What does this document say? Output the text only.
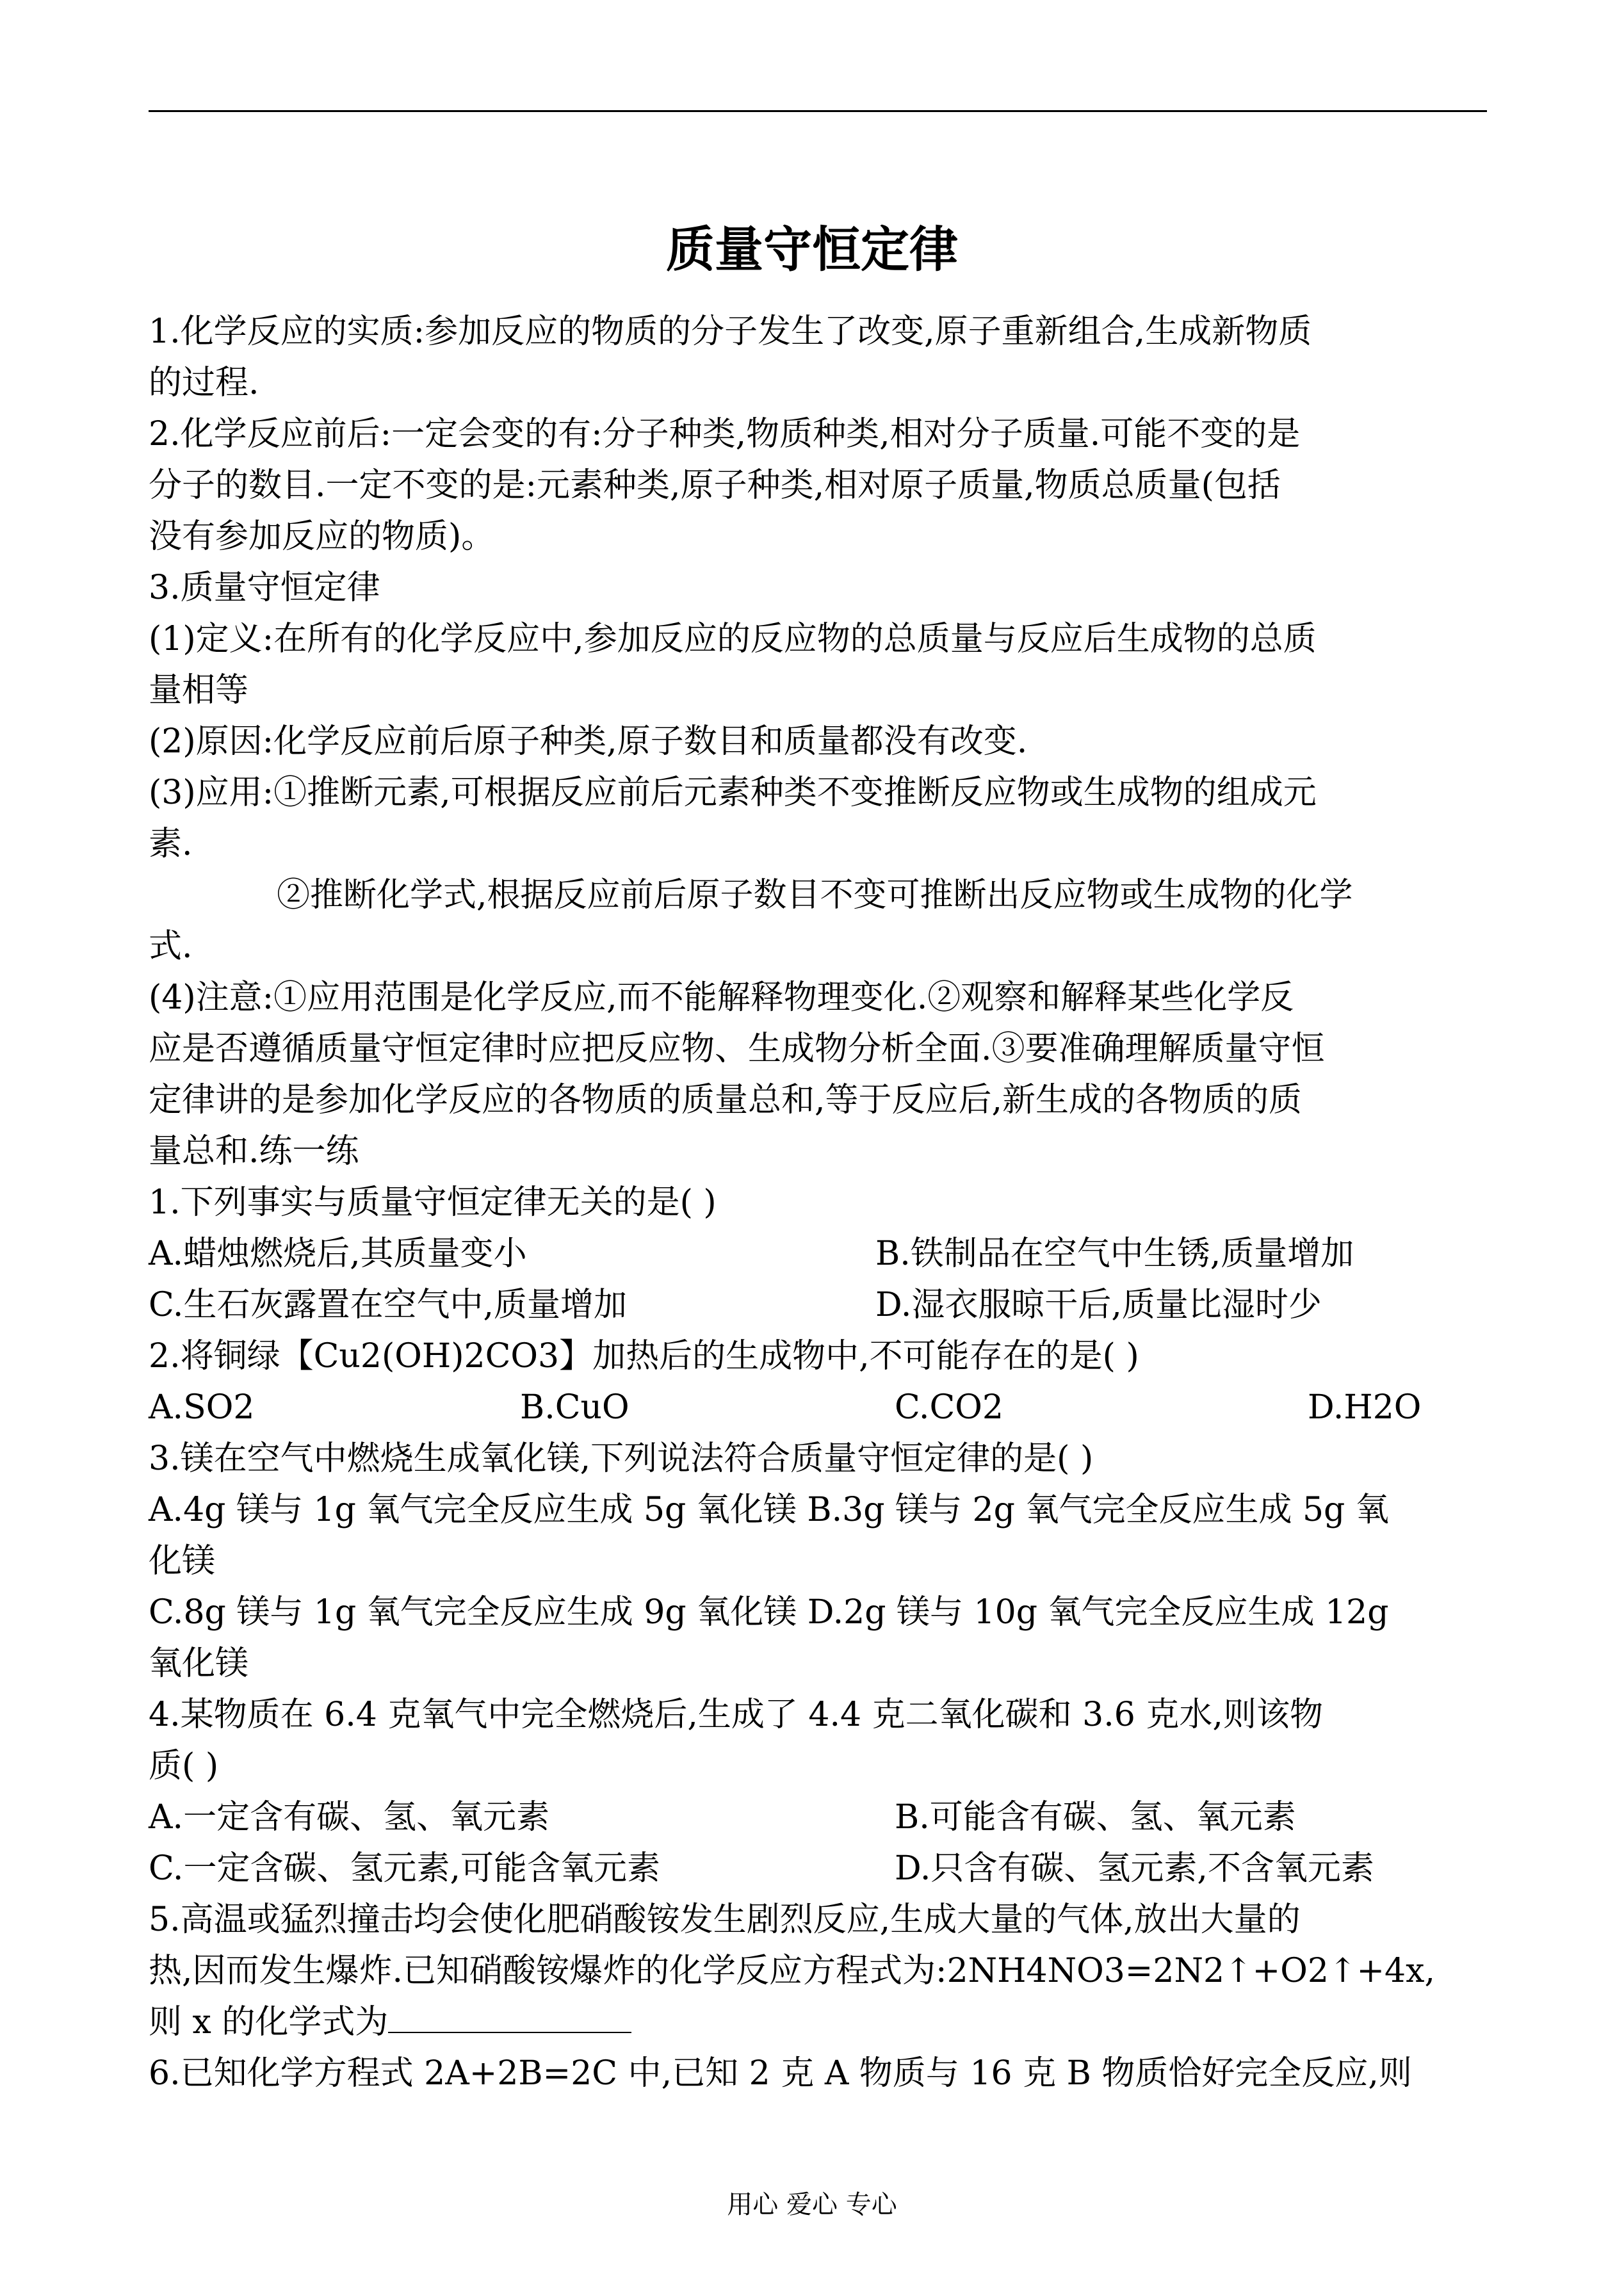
质量守恒定律
1.化学反应的实质:参加反应的物质的分子发生了改变,原子重新组合,生成新物质
的过程.
2.化学反应前后:一定会变的有:分子种类,物质种类,相对分子质量.可能不变的是
分子的数目.一定不变的是:元素种类,原子种类,相对原子质量,物质总质量(包括
没有参加反应的物质)。
3.质量守恒定律
(1)定义:在所有的化学反应中,参加反应的反应物的总质量与反应后生成物的总质
量相等
(2)原因:化学反应前后原子种类,原子数目和质量都没有改变.
(3)应用:①推断元素,可根据反应前后元素种类不变推断反应物或生成物的组成元
素.
②推断化学式,根据反应前后原子数目不变可推断出反应物或生成物的化学
式.
(4)注意:①应用范围是化学反应,而不能解释物理变化.②观察和解释某些化学反
应是否遵循质量守恒定律时应把反应物、生成物分析全面.③要准确理解质量守恒
定律讲的是参加化学反应的各物质的质量总和,等于反应后,新生成的各物质的质
量总和.练一练
1.下列事实与质量守恒定律无关的是( )
A.蜡烛燃烧后,其质量变小	B.铁制品在空气中生锈,质量增加
C.生石灰露置在空气中,质量增加	D.湿衣服晾干后,质量比湿时少
2.将铜绿【Cu2(OH)2CO3】加热后的生成物中,不可能存在的是( )
A.SO2	B.CuO	C.CO2	D.H2O
3.镁在空气中燃烧生成氧化镁,下列说法符合质量守恒定律的是( )
A.4g 镁与 1g 氧气完全反应生成 5g 氧化镁 B.3g 镁与 2g 氧气完全反应生成 5g 氧
化镁
C.8g 镁与 1g 氧气完全反应生成 9g 氧化镁 D.2g 镁与 10g 氧气完全反应生成 12g
氧化镁
4.某物质在 6.4 克氧气中完全燃烧后,生成了 4.4 克二氧化碳和 3.6 克水,则该物
质( )
A.一定含有碳、氢、氧元素	B.可能含有碳、氢、氧元素
C.一定含碳、氢元素,可能含氧元素	D.只含有碳、氢元素,不含氧元素
5.高温或猛烈撞击均会使化肥硝酸铵发生剧烈反应,生成大量的气体,放出大量的
热,因而发生爆炸.已知硝酸铵爆炸的化学反应方程式为:2NH4NO3=2N2↑+O2↑+4x,
则 x 的化学式为
6.已知化学方程式 2A+2B=2C 中,已知 2 克 A 物质与 16 克 B 物质恰好完全反应,则
用心 爱心 专心
